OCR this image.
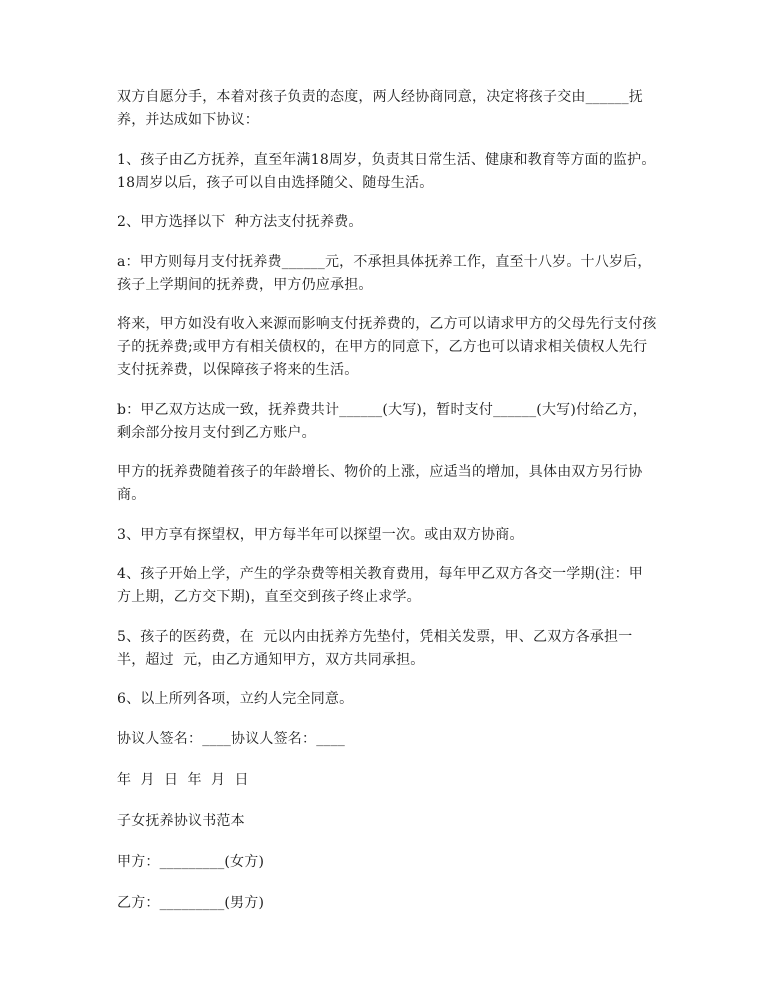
双方自愿分手，本着对孩子负责的态度，两人经协商同意，决定将孩子交由______抚养，并达成如下协议：

1、孩子由乙方抚养，直至年满18周岁，负责其日常生活、健康和教育等方面的监护。18周岁以后，孩子可以自由选择随父、随母生活。

2、甲方选择以下  种方法支付抚养费。

a：甲方则每月支付抚养费______元，不承担具体抚养工作，直至十八岁。十八岁后，孩子上学期间的抚养费，甲方仍应承担。

将来，甲方如没有收入来源而影响支付抚养费的，乙方可以请求甲方的父母先行支付孩子的抚养费;或甲方有相关债权的，在甲方的同意下，乙方也可以请求相关债权人先行支付抚养费，以保障孩子将来的生活。

b：甲乙双方达成一致，抚养费共计______(大写)，暂时支付______(大写)付给乙方，剩余部分按月支付到乙方账户。

甲方的抚养费随着孩子的年龄增长、物价的上涨，应适当的增加，具体由双方另行协商。

3、甲方享有探望权，甲方每半年可以探望一次。或由双方协商。

4、孩子开始上学，产生的学杂费等相关教育费用，每年甲乙双方各交一学期(注：甲方上期，乙方交下期)，直至交到孩子终止求学。

5、孩子的医药费，在  元以内由抚养方先垫付，凭相关发票，甲、乙双方各承担一半，超过  元，由乙方通知甲方，双方共同承担。

6、以上所列各项，立约人完全同意。

协议人签名：____协议人签名：____

年  月  日  年  月  日

子女抚养协议书范本

甲方：_________(女方)

乙方：_________(男方)
